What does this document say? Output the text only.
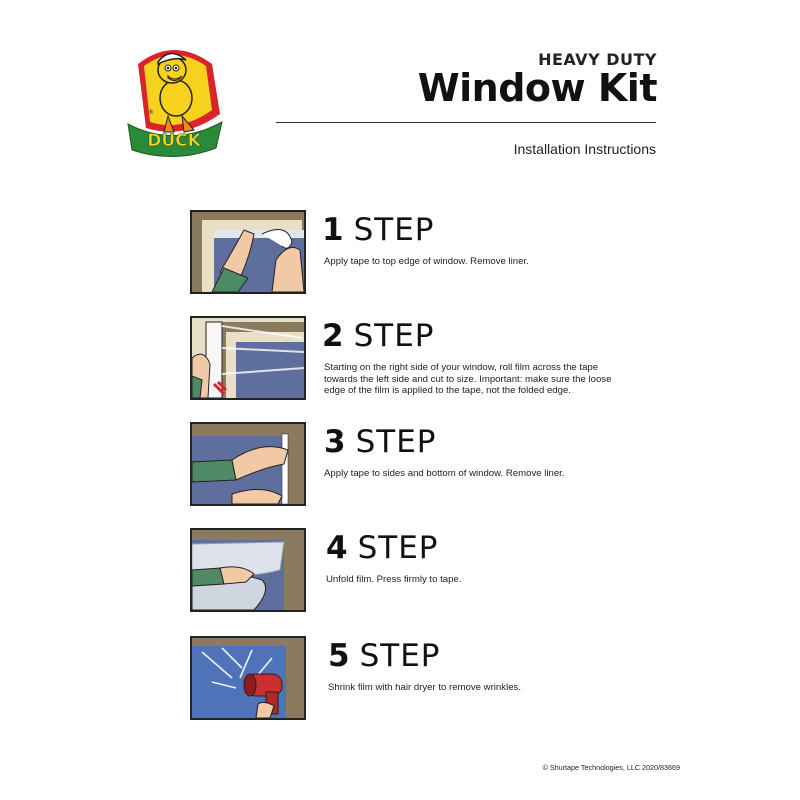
DUCK
®
HEAVY DUTY
Window Kit
Installation Instructions
1 STEP
Apply tape to top edge of window. Remove liner.
2 STEP
Starting on the right side of your window, roll film across the tape towards the left side and cut to size. Important: make sure the loose edge of the film is applied to the tape, not the folded edge.
3 STEP
Apply tape to sides and bottom of window. Remove liner.
4 STEP
Unfold film. Press firmly to tape.
5 STEP
Shrink film with hair dryer to remove wrinkles.
© Shurtape Technologies, LLC 2020/83669
